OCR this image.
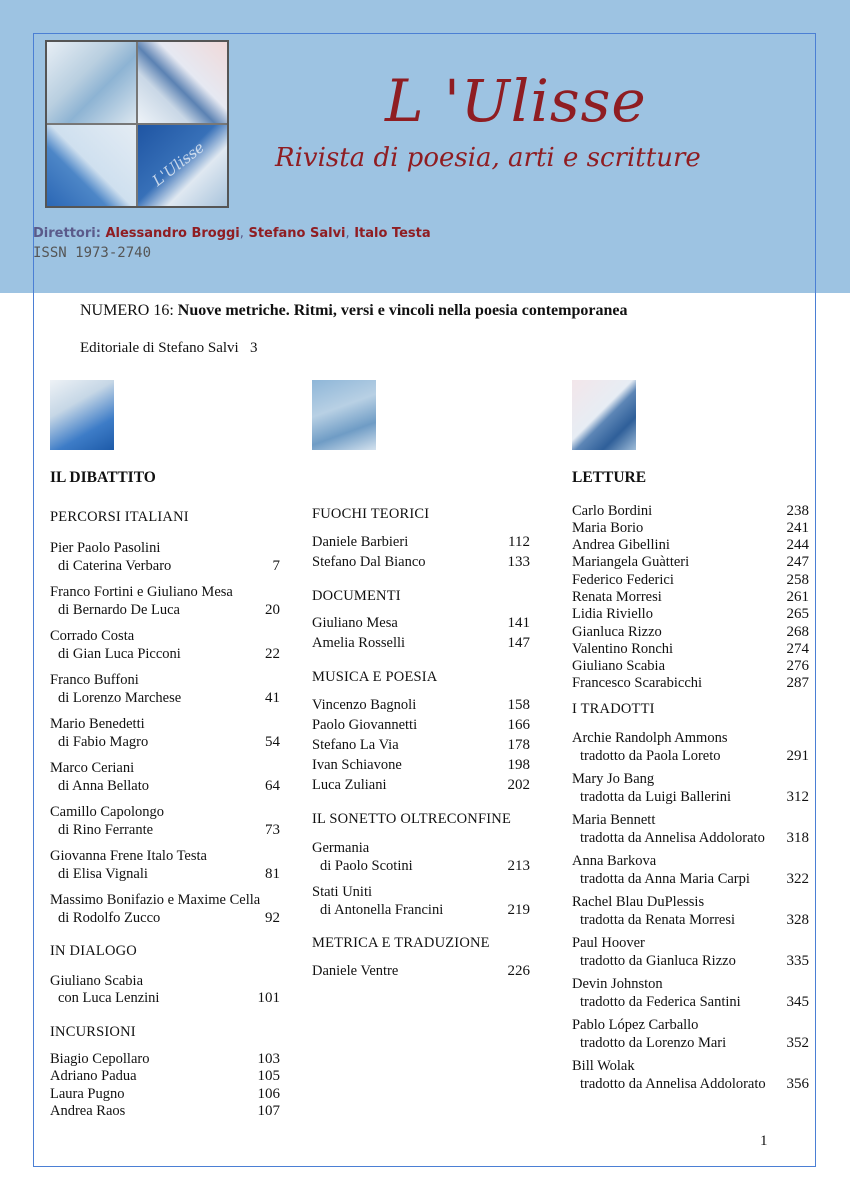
L'Ulisse
L 'Ulisse
Rivista di poesia, arti e scritture
Direttori: Alessandro Broggi, Stefano Salvi, Italo Testa
ISSN 1973-2740
NUMERO 16: Nuove metriche. Ritmi, versi e vincoli nella poesia contemporanea
Editoriale di Stefano Salvi 3
IL DIBATTITO
PERCORSI ITALIANI
Pier Paolo Pasolini
di Caterina Verbaro	7
Franco Fortini e Giuliano Mesa
di Bernardo De Luca	20
Corrado Costa
di Gian Luca Picconi	22
Franco Buffoni
di Lorenzo Marchese	41
Mario Benedetti
di Fabio Magro	54
Marco Ceriani
di Anna Bellato	64
Camillo Capolongo
di Rino Ferrante	73
Giovanna Frene Italo Testa
di Elisa Vignali	81
Massimo Bonifazio e Maxime Cella
di Rodolfo Zucco	92
IN DIALOGO
Giuliano Scabia
con Luca Lenzini	101
INCURSIONI
Biagio Cepollaro	103
Adriano Padua	105
Laura Pugno	106
Andrea Raos	107
FUOCHI TEORICI
Daniele Barbieri	112
Stefano Dal Bianco	133
DOCUMENTI
Giuliano Mesa	141
Amelia Rosselli	147
MUSICA E POESIA
Vincenzo Bagnoli	158
Paolo Giovannetti	166
Stefano La Via	178
Ivan Schiavone	198
Luca Zuliani	202
IL SONETTO OLTRECONFINE
Germania
di Paolo Scotini	213
Stati Uniti
di Antonella Francini	219
METRICA E TRADUZIONE
Daniele Ventre	226
LETTURE
Carlo Bordini	238
Maria Borio	241
Andrea Gibellini	244
Mariangela Guàtteri	247
Federico Federici	258
Renata Morresi	261
Lidia Riviello	265
Gianluca Rizzo	268
Valentino Ronchi	274
Giuliano Scabia	276
Francesco Scarabicchi	287
I TRADOTTI
Archie Randolph Ammons
tradotto da Paola Loreto	291
Mary Jo Bang
tradotta da Luigi Ballerini	312
Maria Bennett
tradotta da Annelisa Addolorato	318
Anna Barkova
tradotta da Anna Maria Carpi	322
Rachel Blau DuPlessis
tradotta da Renata Morresi	328
Paul Hoover
tradotto da Gianluca Rizzo	335
Devin Johnston
tradotto da Federica Santini	345
Pablo López Carballo
tradotto da Lorenzo Mari	352
Bill Wolak
tradotto da Annelisa Addolorato	356
1
